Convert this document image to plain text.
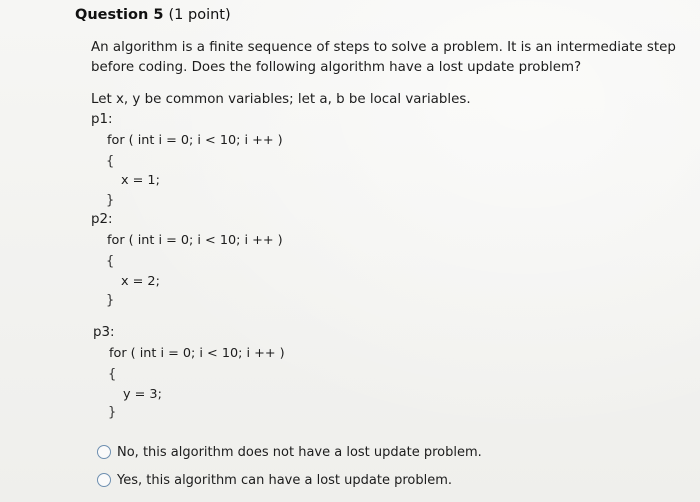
Question 5 (1 point)
An algorithm is a finite sequence of steps to solve a problem. It is an intermediate step before coding. Does the following algorithm have a lost update problem?
Let x, y be common variables; let a, b be local variables.
p1:
for ( int i = 0; i < 10; i ++ )
{
x = 1;
}
p2:
for ( int i = 0; i < 10; i ++ )
{
x = 2;
}
p3:
for ( int i = 0; i < 10; i ++ )
{
y = 3;
}
No, this algorithm does not have a lost update problem.
Yes, this algorithm can have a lost update problem.
